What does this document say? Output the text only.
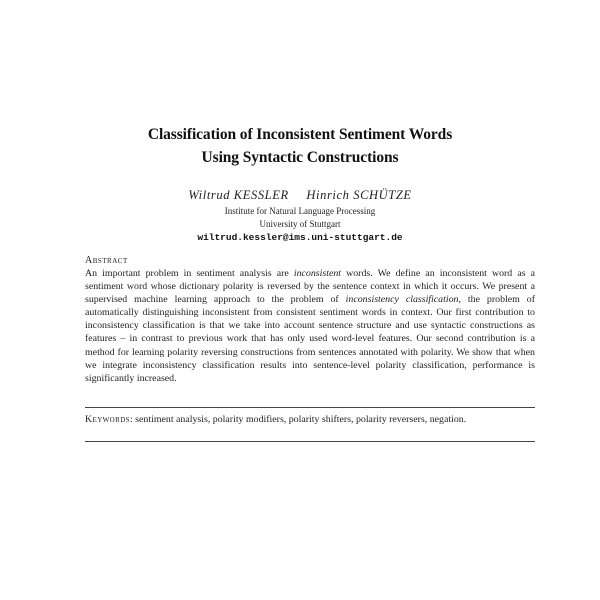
Classification of Inconsistent Sentiment Words
Using Syntactic Constructions
Wiltrud KESSLER Hinrich SCHÜTZE
Institute for Natural Language Processing
University of Stuttgart
wiltrud.kessler@ims.uni-stuttgart.de
Abstract

An important problem in sentiment analysis are inconsistent words. We define an inconsistent word as a sentiment word whose dictionary polarity is reversed by the sentence context in which it occurs. We present a supervised machine learning approach to the problem of inconsistency classification, the problem of automatically distinguishing inconsistent from consistent sentiment words in context. Our first contribution to inconsistency classification is that we take into account sentence structure and use syntactic constructions as features – in contrast to previous work that has only used word-level features. Our second contribution is a method for learning polarity reversing constructions from sentences annotated with polarity. We show that when we integrate inconsistency classification results into sentence-level polarity classification, performance is significantly increased.

Keywords: sentiment analysis, polarity modifiers, polarity shifters, polarity reversers, negation.
